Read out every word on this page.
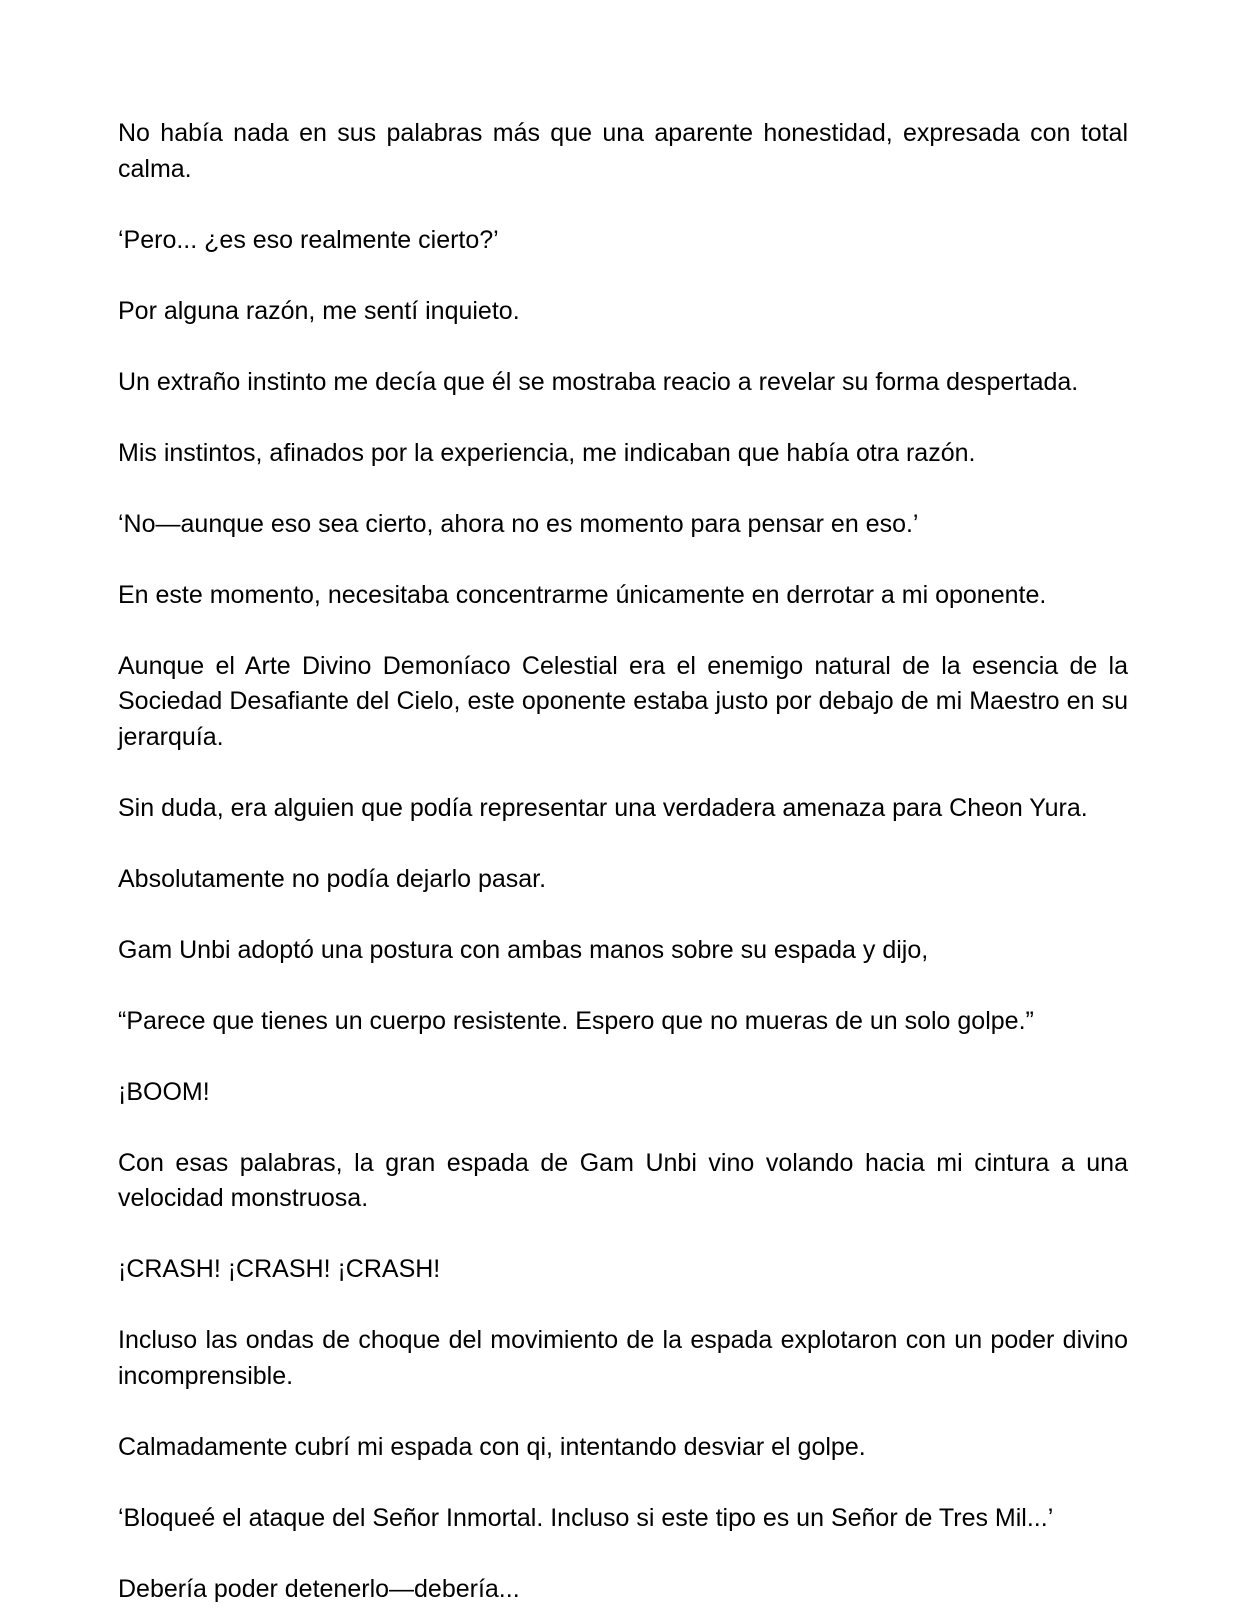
No había nada en sus palabras más que una aparente honestidad, expresada con total calma.

‘Pero... ¿es eso realmente cierto?’

Por alguna razón, me sentí inquieto.

Un extraño instinto me decía que él se mostraba reacio a revelar su forma despertada.

Mis instintos, afinados por la experiencia, me indicaban que había otra razón.

‘No—aunque eso sea cierto, ahora no es momento para pensar en eso.’

En este momento, necesitaba concentrarme únicamente en derrotar a mi oponente.

Aunque el Arte Divino Demoníaco Celestial era el enemigo natural de la esencia de la Sociedad Desafiante del Cielo, este oponente estaba justo por debajo de mi Maestro en su jerarquía.

Sin duda, era alguien que podía representar una verdadera amenaza para Cheon Yura.

Absolutamente no podía dejarlo pasar.

Gam Unbi adoptó una postura con ambas manos sobre su espada y dijo,

“Parece que tienes un cuerpo resistente. Espero que no mueras de un solo golpe.”

¡BOOM!

Con esas palabras, la gran espada de Gam Unbi vino volando hacia mi cintura a una velocidad monstruosa.

¡CRASH! ¡CRASH! ¡CRASH!

Incluso las ondas de choque del movimiento de la espada explotaron con un poder divino incomprensible.

Calmadamente cubrí mi espada con qi, intentando desviar el golpe.

‘Bloqueé el ataque del Señor Inmortal. Incluso si este tipo es un Señor de Tres Mil...’

Debería poder detenerlo—debería...
